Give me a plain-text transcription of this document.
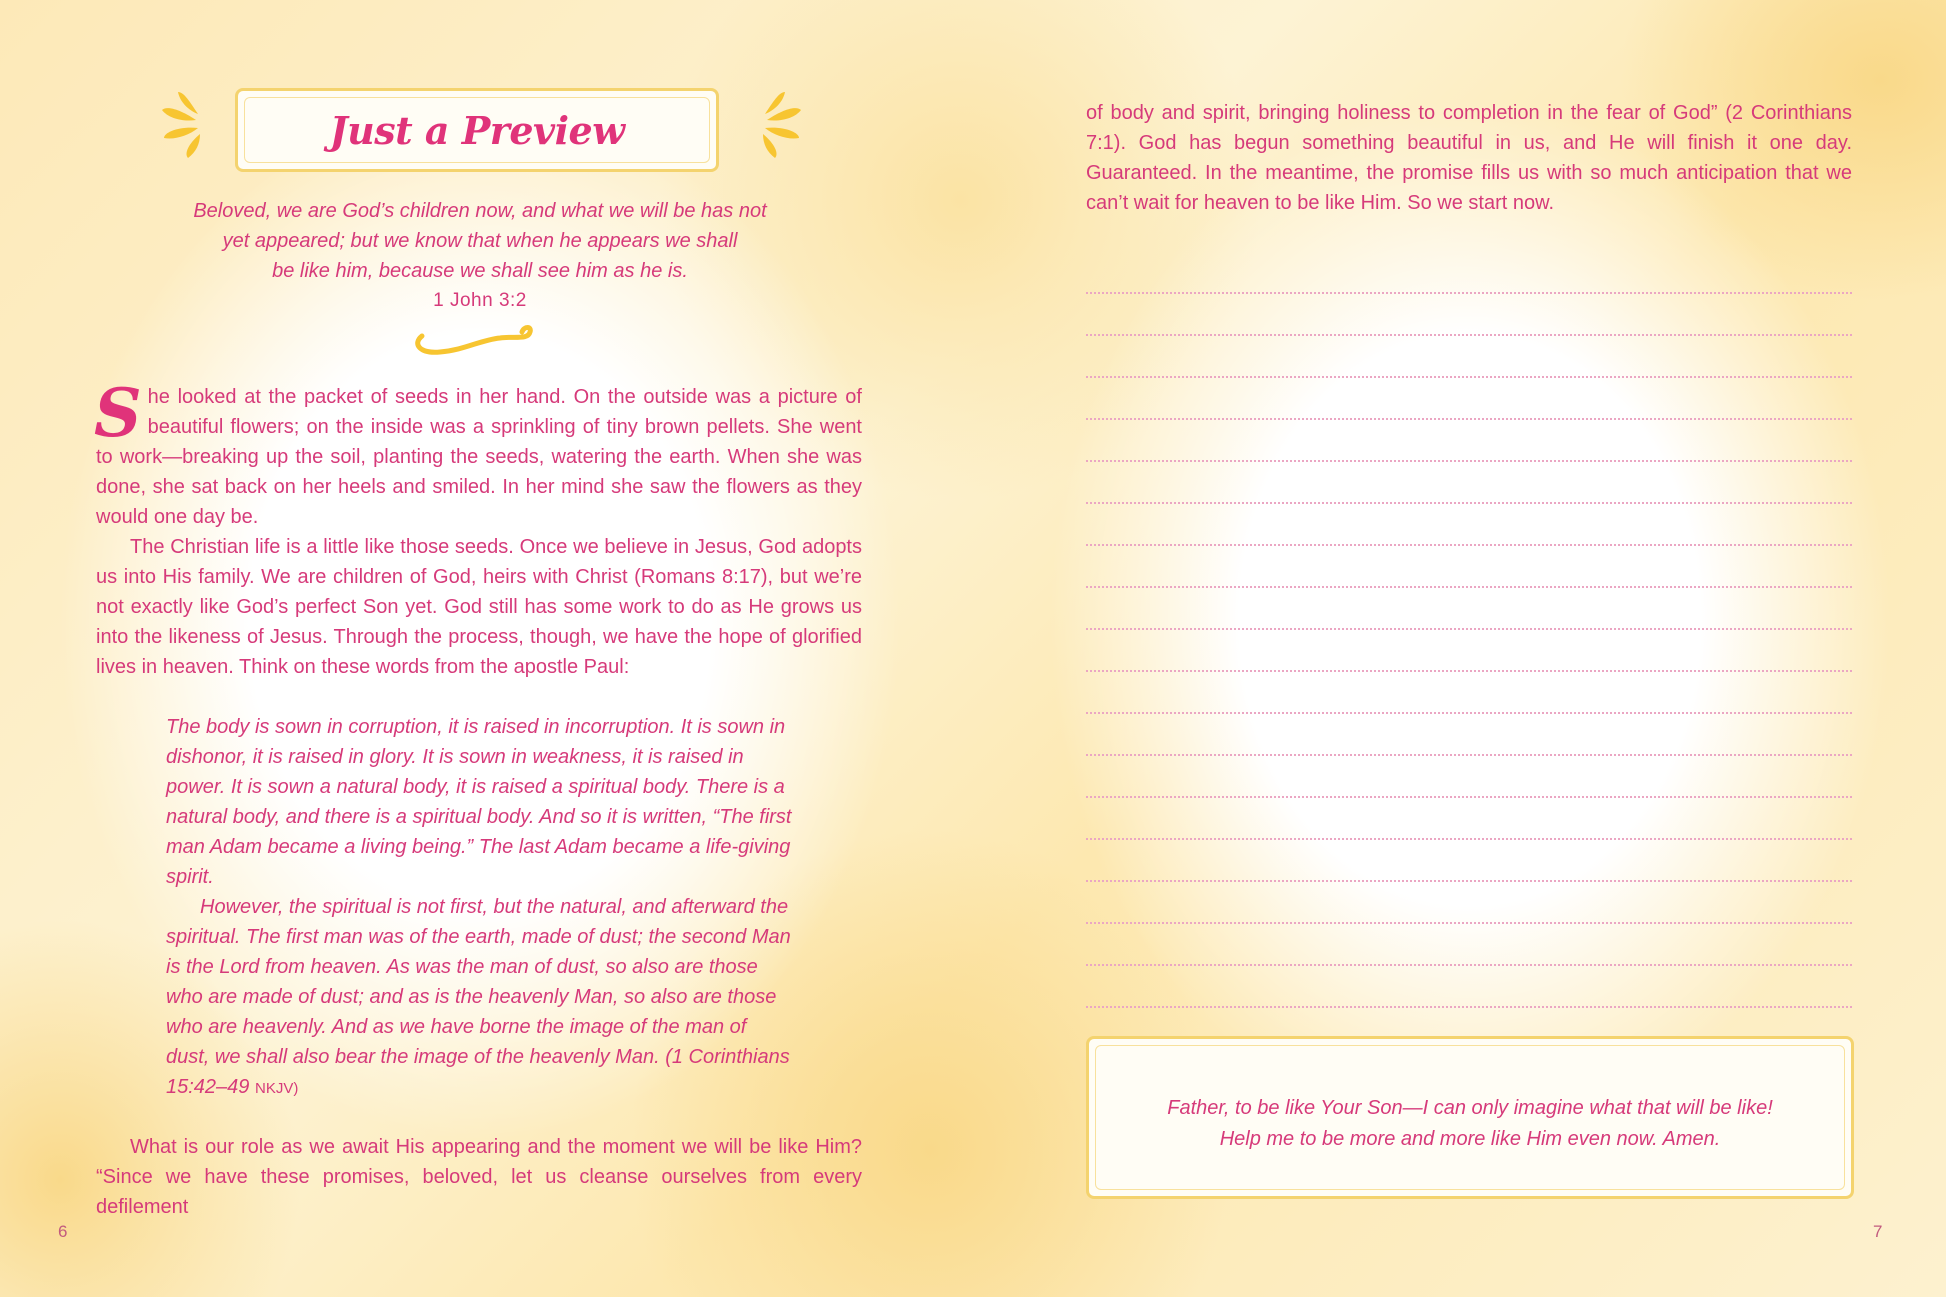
Just a Preview
Beloved, we are God’s children now, and what we will be has not
yet appeared; but we know that when he appears we shall
be like him, because we shall see him as he is.
1 John 3:2

She looked at the packet of seeds in her hand. On the outside was a picture of beautiful flowers; on the inside was a sprinkling of tiny brown pellets. She went to work—breaking up the soil, planting the seeds, watering the earth. When she was done, she sat back on her heels and smiled. In her mind she saw the flowers as they would one day be.

The Christian life is a little like those seeds. Once we believe in Jesus, God adopts us into His family. We are children of God, heirs with Christ (Romans 8:17), but we’re not exactly like God’s perfect Son yet. God still has some work to do as He grows us into the likeness of Jesus. Through the process, though, we have the hope of glorified lives in heaven. Think on these words from the apostle Paul:

The body is sown in corruption, it is raised in incorruption. It is sown in dishonor, it is raised in glory. It is sown in weakness, it is raised in power. It is sown a natural body, it is raised a spiritual body. There is a natural body, and there is a spiritual body. And so it is written, “The first man Adam became a living being.” The last Adam became a life-giving spirit.

However, the spiritual is not first, but the natural, and afterward the spiritual. The first man was of the earth, made of dust; the second Man is the Lord from heaven. As was the man of dust, so also are those who are made of dust; and as is the heavenly Man, so also are those who are heavenly. And as we have borne the image of the man of dust, we shall also bear the image of the heavenly Man. (1 Corinthians 15:42–49 NKJV)

What is our role as we await His appearing and the moment we will be like Him? “Since we have these promises, beloved, let us cleanse ourselves from every defilement

6
of body and spirit, bringing holiness to completion in the fear of God” (2 Corinthians 7:1). God has begun something beautiful in us, and He will finish it one day. Guaranteed. In the meantime, the promise fills us with so much anticipation that we can’t wait for heaven to be like Him. So we start now.
Father, to be like Your Son—I can only imagine what that will be like!
Help me to be more and more like Him even now. Amen.
7
